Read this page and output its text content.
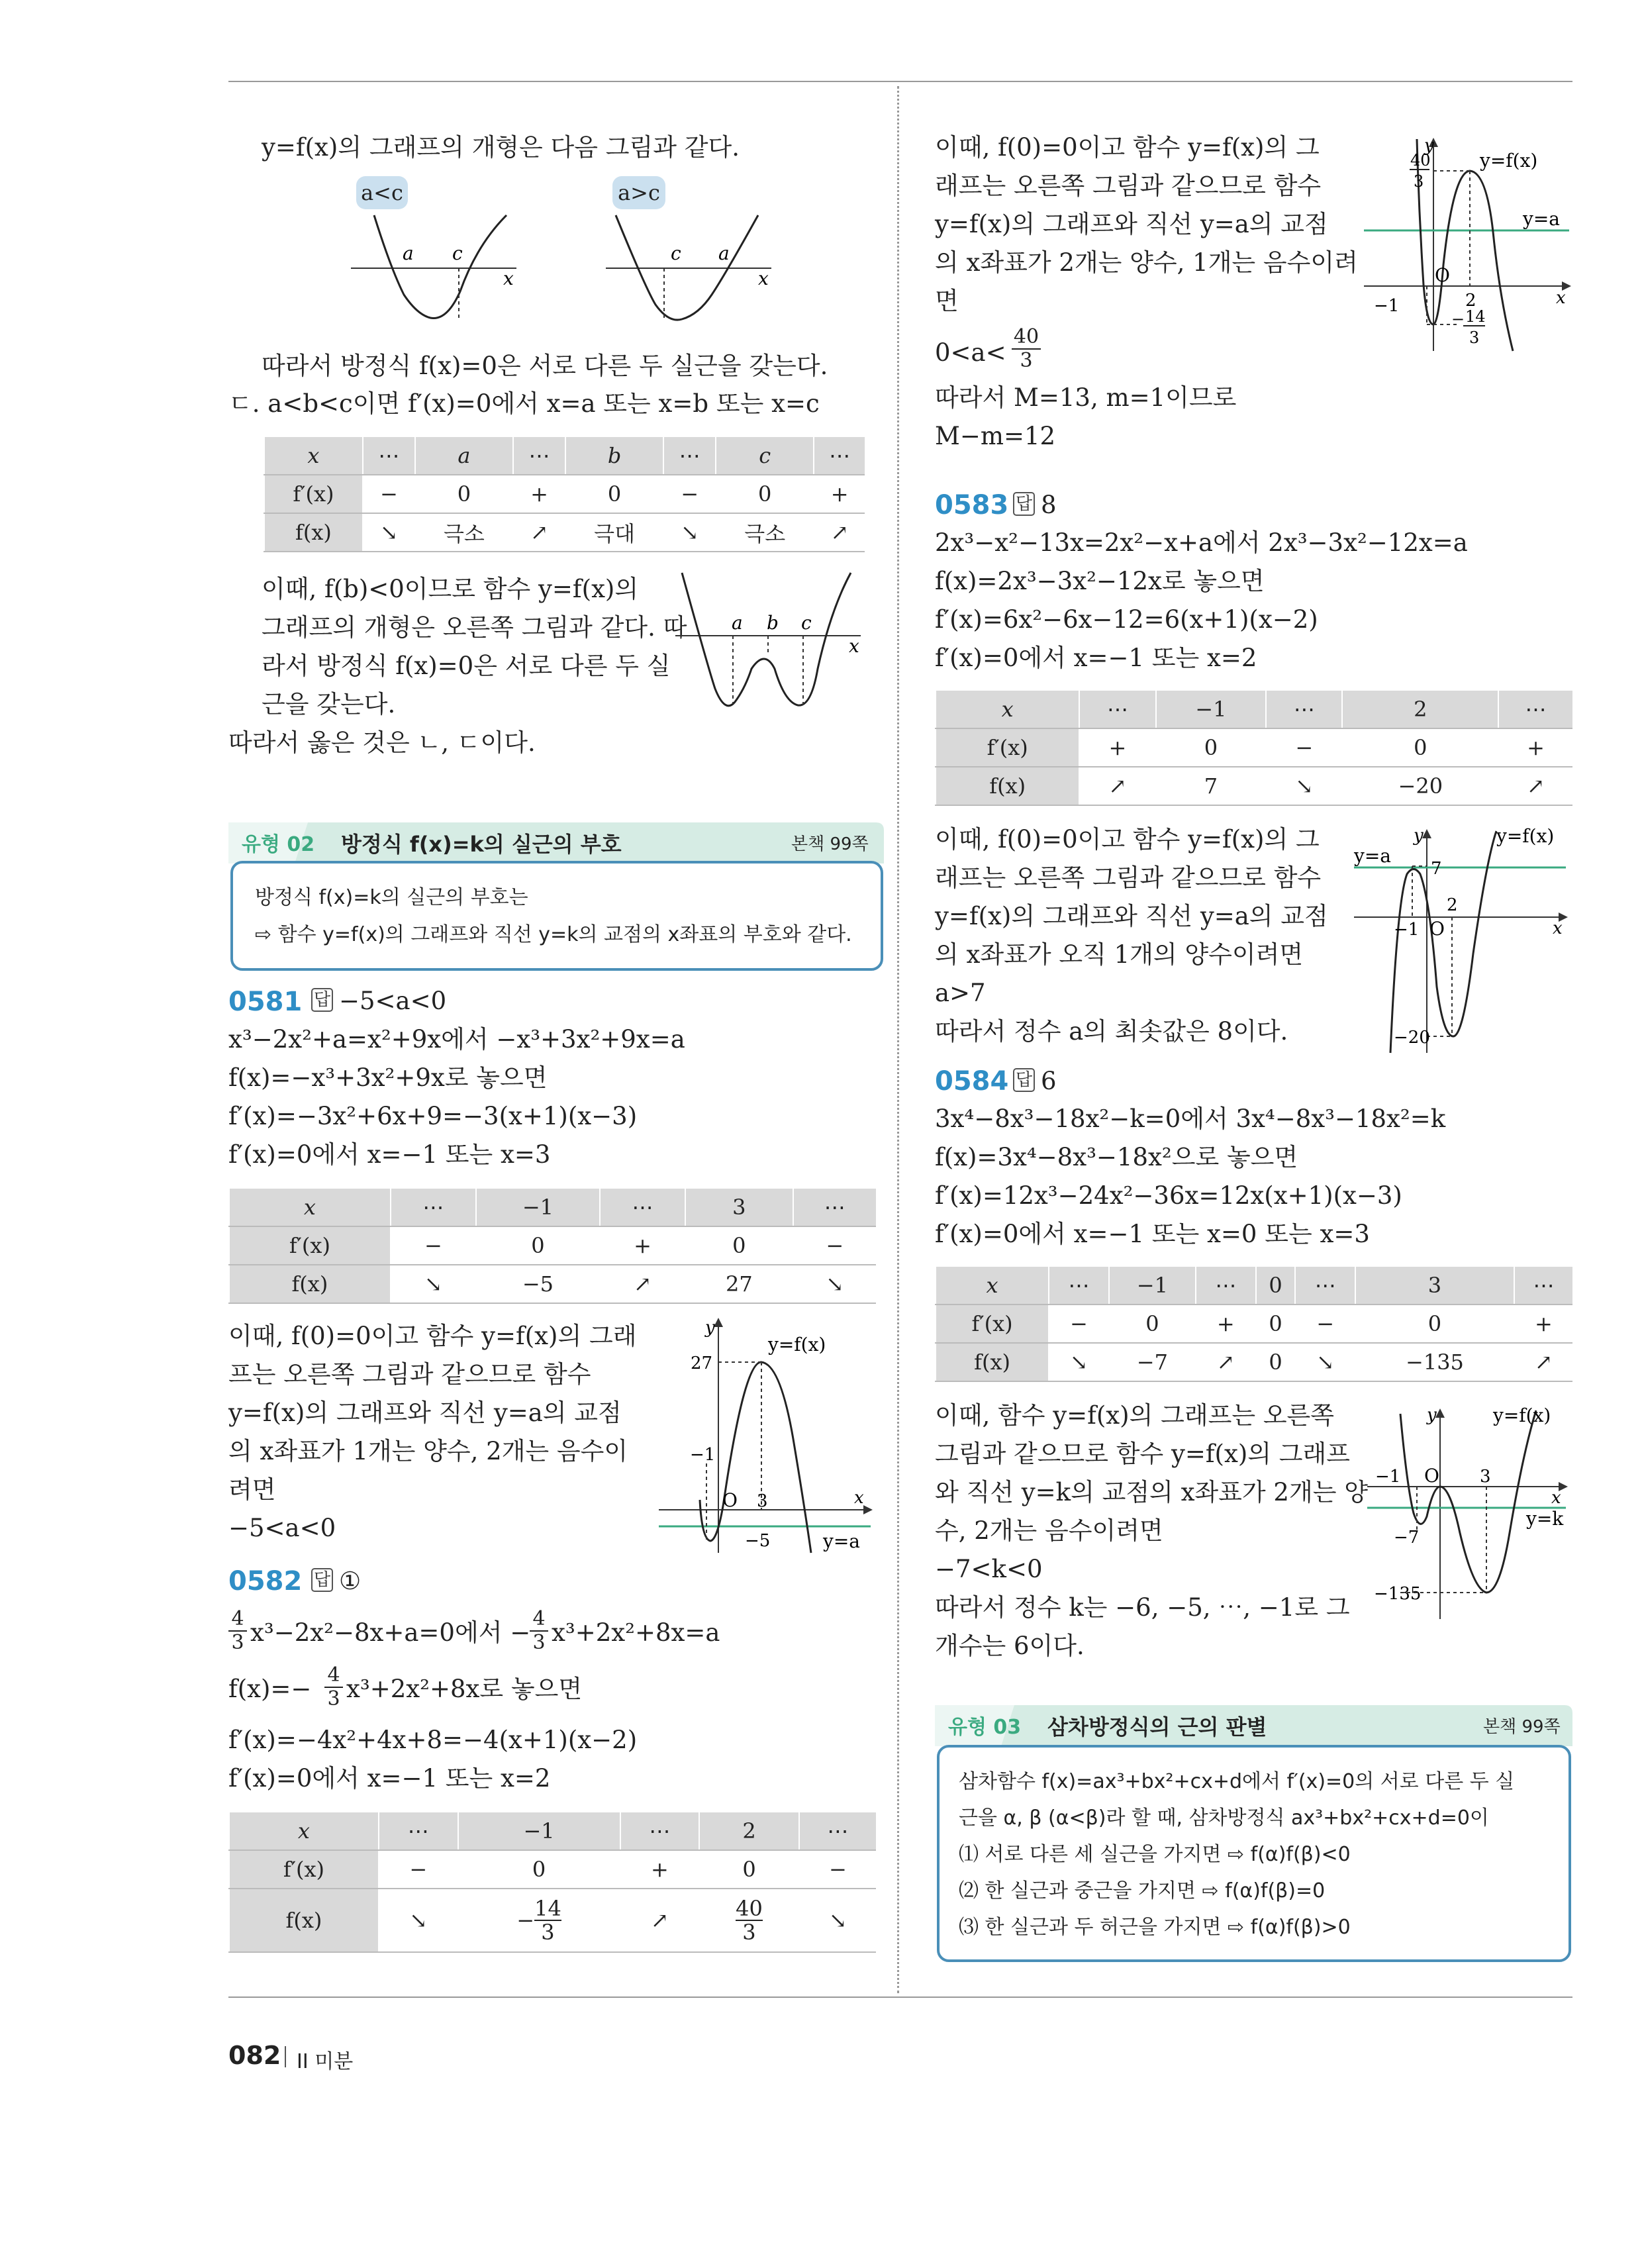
y=f(x)의 그래프의 개형은 다음 그림과 같다.
a<c	a>c
a c
x
c a
x
따라서 방정식 f(x)=0은 서로 다른 두 실근을 갖는다.
ㄷ. a<b<c이면 f′(x)=0에서 x=a 또는 x=b 또는 x=c
x	⋯	a	⋯	b	⋯	c	⋯
f′(x)	−	0	+	0	−	0	+
f(x)	↘	극소	↗	극대	↘	극소	↗
이때, f(b)<0이므로 함수 y=f(x)의
그래프의 개형은 오른쪽 그림과 같다. 따
라서 방정식 f(x)=0은 서로 다른 두 실
근을 갖는다.
a b c
x
따라서 옳은 것은 ㄴ, ㄷ이다.
유형 02 방정식 f(x)=k의 실근의 부호	본책 99쪽
방정식 f(x)=k의 실근의 부호는
⇨ 함수 y=f(x)의 그래프와 직선 y=k의 교점의 x좌표의 부호와 같다.
0581 답 −5<a<0
x³−2x²+a=x²+9x에서 −x³+3x²+9x=a
f(x)=−x³+3x²+9x로 놓으면
f′(x)=−3x²+6x+9=−3(x+1)(x−3)
f′(x)=0에서 x=−1 또는 x=3
x	⋯	−1	⋯	3	⋯
f′(x)	−	0	+	0	−
f(x)	↘	−5	↗	27	↘
이때, f(0)=0이고 함수 y=f(x)의 그래
프는 오른쪽 그림과 같으므로 함수
y=f(x)의 그래프와 직선 y=a의 교점
의 x좌표가 1개는 양수, 2개는 음수이
려면
−5<a<0
y
y=f(x)
27
−1
O 3	x
−5	y=a
0582 답 ①
4
3 x³−2x²−8x+a=0에서 − 4
3 x³+2x²+8x=a
f(x)=− 4
3 x³+2x²+8x로 놓으면
f′(x)=−4x²+4x+8=−4(x+1)(x−2)
f′(x)=0에서 x=−1 또는 x=2
x	⋯	−1	⋯	2	⋯
f′(x)	−	0	+	0	−
f(x)	↘	− $\frac{14}{3}$	↗	$\frac{40}{3}$	↘
이때, f(0)=0이고 함수 y=f(x)의 그
래프는 오른쪽 그림과 같으므로 함수
y=f(x)의 그래프와 직선 y=a의 교점
의 x좌표가 2개는 양수, 1개는 음수이려
면
0<a<
40
3
따라서 M=13, m=1이므로
M−m=12
y
40
3
y=f(x)
y=a
O
−1	2
− 14
3
x
0583 답 8
2x³−x²−13x=2x²−x+a에서 2x³−3x²−12x=a
f(x)=2x³−3x²−12x로 놓으면
f′(x)=6x²−6x−12=6(x+1)(x−2)
f′(x)=0에서 x=−1 또는 x=2
x	⋯	−1	⋯	2	⋯
f′(x)	+	0	−	0	+
f(x)	↗	7	↘	−20	↗
이때, f(0)=0이고 함수 y=f(x)의 그
래프는 오른쪽 그림과 같으므로 함수
y=f(x)의 그래프와 직선 y=a의 교점
의 x좌표가 오직 1개의 양수이려면
a>7
따라서 정수 a의 최솟값은 8이다.
y	y=f(x)
y=a
7
2
−1 O	x
−20
0584 답 6
3x⁴−8x³−18x²−k=0에서 3x⁴−8x³−18x²=k
f(x)=3x⁴−8x³−18x²으로 놓으면
f′(x)=12x³−24x²−36x=12x(x+1)(x−3)
f′(x)=0에서 x=−1 또는 x=0 또는 x=3
x	⋯	−1	⋯	0	⋯	3	⋯
f′(x)	−	0	+	0	−	0	+
f(x)	↘	−7	↗	0	↘	−135	↗
이때, 함수 y=f(x)의 그래프는 오른쪽
그림과 같으므로 함수 y=f(x)의 그래프
와 직선 y=k의 교점의 x좌표가 2개는 양
수, 2개는 음수이려면
−7<k<0
따라서 정수 k는 −6, −5, ⋯, −1로 그
개수는 6이다.
y	y=f(x)
−1 O 3
x
y=k
−7
−135
유형 03 삼차방정식의 근의 판별	본책 99쪽
삼차함수 f(x)=ax³+bx²+cx+d에서 f′(x)=0의 서로 다른 두 실
근을 α, β (α<β)라 할 때, 삼차방정식 ax³+bx²+cx+d=0이
⑴ 서로 다른 세 실근을 가지면 ⇨ f(α)f(β)<0
⑵ 한 실근과 중근을 가지면 ⇨ f(α)f(β)=0
⑶ 한 실근과 두 허근을 가지면 ⇨ f(α)f(β)>0
082 II 미분
